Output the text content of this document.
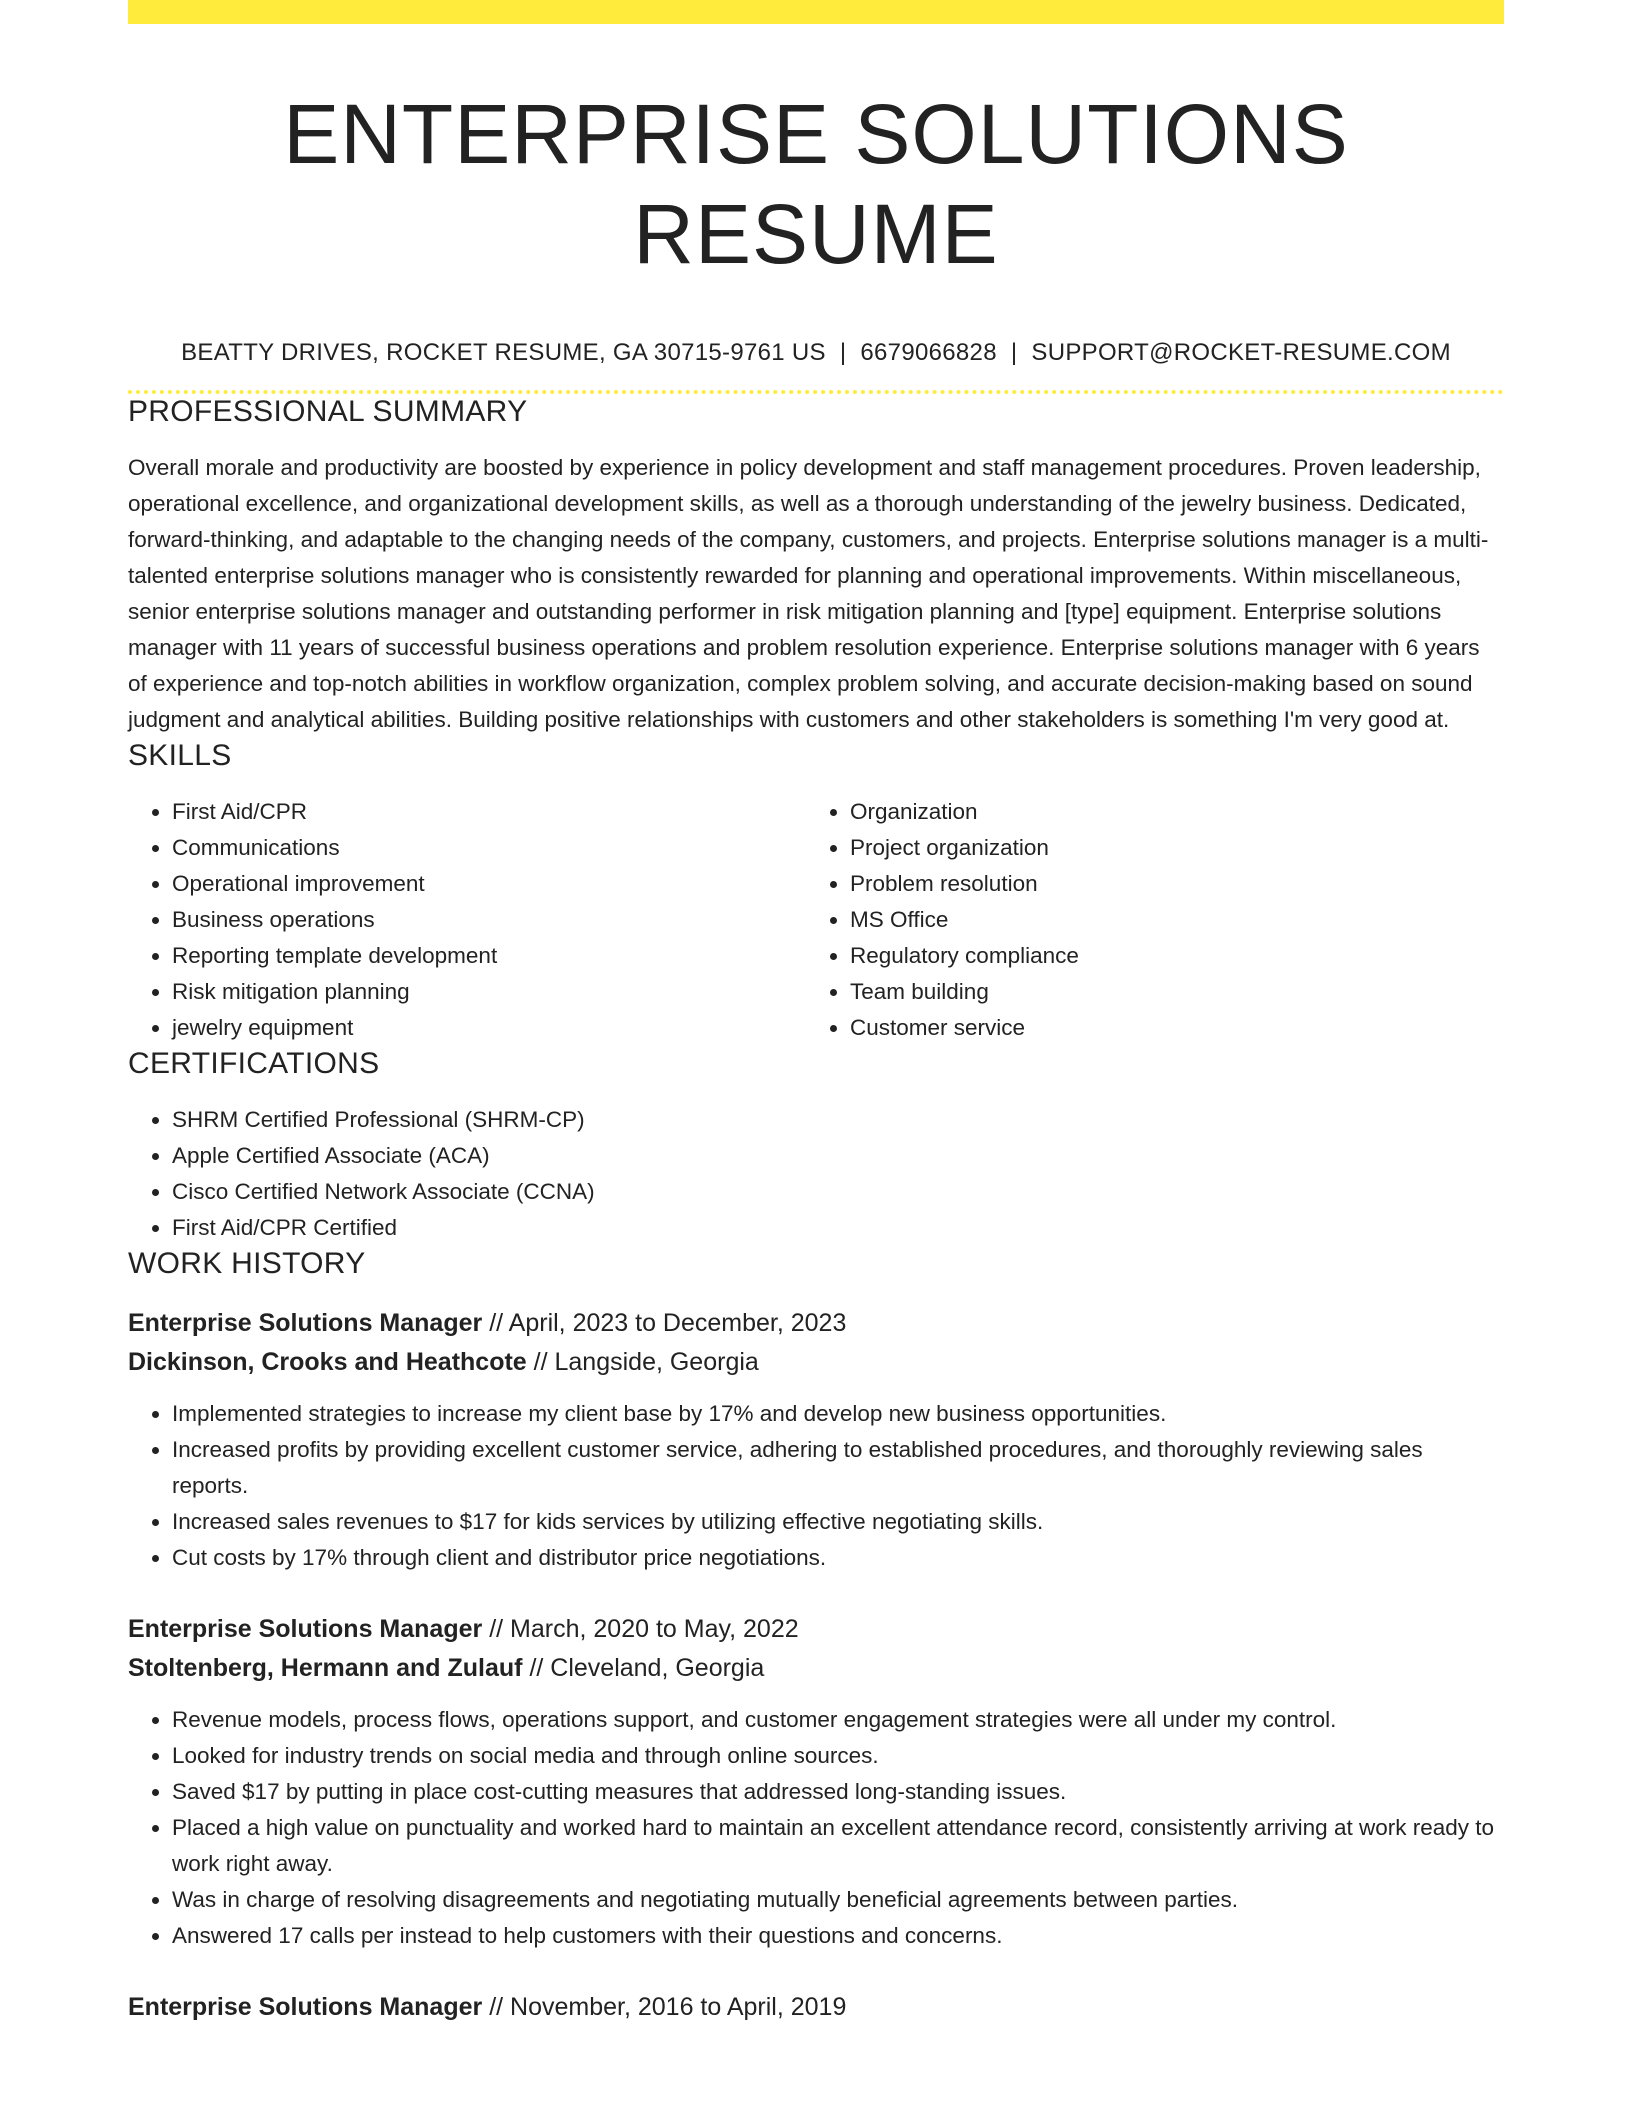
ENTERPRISE SOLUTIONS RESUME
BEATTY DRIVES, ROCKET RESUME, GA 30715-9761 US | 6679066828 | SUPPORT@ROCKET-RESUME.COM
PROFESSIONAL SUMMARY
Overall morale and productivity are boosted by experience in policy development and staff management procedures. Proven leadership, operational excellence, and organizational development skills, as well as a thorough understanding of the jewelry business. Dedicated, forward-thinking, and adaptable to the changing needs of the company, customers, and projects. Enterprise solutions manager is a multi-talented enterprise solutions manager who is consistently rewarded for planning and operational improvements. Within miscellaneous, senior enterprise solutions manager and outstanding performer in risk mitigation planning and [type] equipment. Enterprise solutions manager with 11 years of successful business operations and problem resolution experience. Enterprise solutions manager with 6 years of experience and top-notch abilities in workflow organization, complex problem solving, and accurate decision-making based on sound judgment and analytical abilities. Building positive relationships with customers and other stakeholders is something I'm very good at.
SKILLS
• First Aid/CPR
• Communications
• Operational improvement
• Business operations
• Reporting template development
• Risk mitigation planning
• jewelry equipment
• Organization
• Project organization
• Problem resolution
• MS Office
• Regulatory compliance
• Team building
• Customer service
CERTIFICATIONS
• SHRM Certified Professional (SHRM-CP)
• Apple Certified Associate (ACA)
• Cisco Certified Network Associate (CCNA)
• First Aid/CPR Certified
WORK HISTORY
Enterprise Solutions Manager // April, 2023 to December, 2023
Dickinson, Crooks and Heathcote // Langside, Georgia
• Implemented strategies to increase my client base by 17% and develop new business opportunities.
• Increased profits by providing excellent customer service, adhering to established procedures, and thoroughly reviewing sales reports.
• Increased sales revenues to $17 for kids services by utilizing effective negotiating skills.
• Cut costs by 17% through client and distributor price negotiations.
Enterprise Solutions Manager // March, 2020 to May, 2022
Stoltenberg, Hermann and Zulauf // Cleveland, Georgia
• Revenue models, process flows, operations support, and customer engagement strategies were all under my control.
• Looked for industry trends on social media and through online sources.
• Saved $17 by putting in place cost-cutting measures that addressed long-standing issues.
• Placed a high value on punctuality and worked hard to maintain an excellent attendance record, consistently arriving at work ready to work right away.
• Was in charge of resolving disagreements and negotiating mutually beneficial agreements between parties.
• Answered 17 calls per instead to help customers with their questions and concerns.
Enterprise Solutions Manager // November, 2016 to April, 2019
